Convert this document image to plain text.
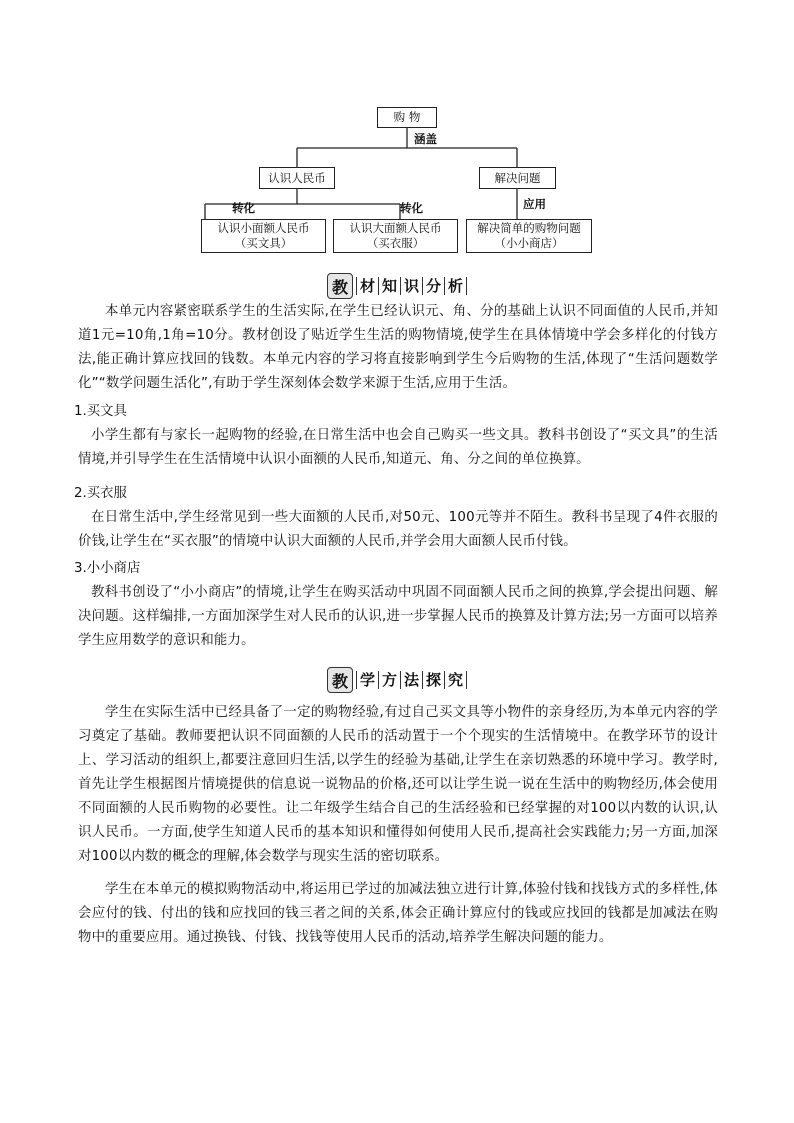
购 物
涵盖
认识人民币	解决问题
转化	转化	应用
认识小面额人民币
（买文具）
认识大面额人民币
（买衣服）
解决简单的购物问题
（小小商店）
教 材 知 识 分 析

本单元内容紧密联系学生的生活实际,在学生已经认识元、角、分的基础上认识不同面值的人民币,并知道1元=10角,1角=10分。教材创设了贴近学生生活的购物情境,使学生在具体情境中学会多样化的付钱方法,能正确计算应找回的钱数。本单元内容的学习将直接影响到学生今后购物的生活,体现了“生活问题数学化”“数学问题生活化”,有助于学生深刻体会数学来源于生活,应用于生活。

1.买文具

小学生都有与家长一起购物的经验,在日常生活中也会自己购买一些文具。教科书创设了“买文具”的生活情境,并引导学生在生活情境中认识小面额的人民币,知道元、角、分之间的单位换算。

2.买衣服

在日常生活中,学生经常见到一些大面额的人民币,对50元、100元等并不陌生。教科书呈现了4件衣服的价钱,让学生在“买衣服”的情境中认识大面额的人民币,并学会用大面额人民币付钱。

3.小小商店

教科书创设了“小小商店”的情境,让学生在购买活动中巩固不同面额人民币之间的换算,学会提出问题、解决问题。这样编排,一方面加深学生对人民币的认识,进一步掌握人民币的换算及计算方法;另一方面可以培养学生应用数学的意识和能力。

教 学 方 法 探 究

学生在实际生活中已经具备了一定的购物经验,有过自己买文具等小物件的亲身经历,为本单元内容的学习奠定了基础。教师要把认识不同面额的人民币的活动置于一个个现实的生活情境中。在教学环节的设计上、学习活动的组织上,都要注意回归生活,以学生的经验为基础,让学生在亲切熟悉的环境中学习。教学时,首先让学生根据图片情境提供的信息说一说物品的价格,还可以让学生说一说在生活中的购物经历,体会使用不同面额的人民币购物的必要性。让二年级学生结合自己的生活经验和已经掌握的对100以内数的认识,认识人民币。一方面,使学生知道人民币的基本知识和懂得如何使用人民币,提高社会实践能力;另一方面,加深对100以内数的概念的理解,体会数学与现实生活的密切联系。

学生在本单元的模拟购物活动中,将运用已学过的加减法独立进行计算,体验付钱和找钱方式的多样性,体会应付的钱、付出的钱和应找回的钱三者之间的关系,体会正确计算应付的钱或应找回的钱都是加减法在购物中的重要应用。通过换钱、付钱、找钱等使用人民币的活动,培养学生解决问题的能力。
